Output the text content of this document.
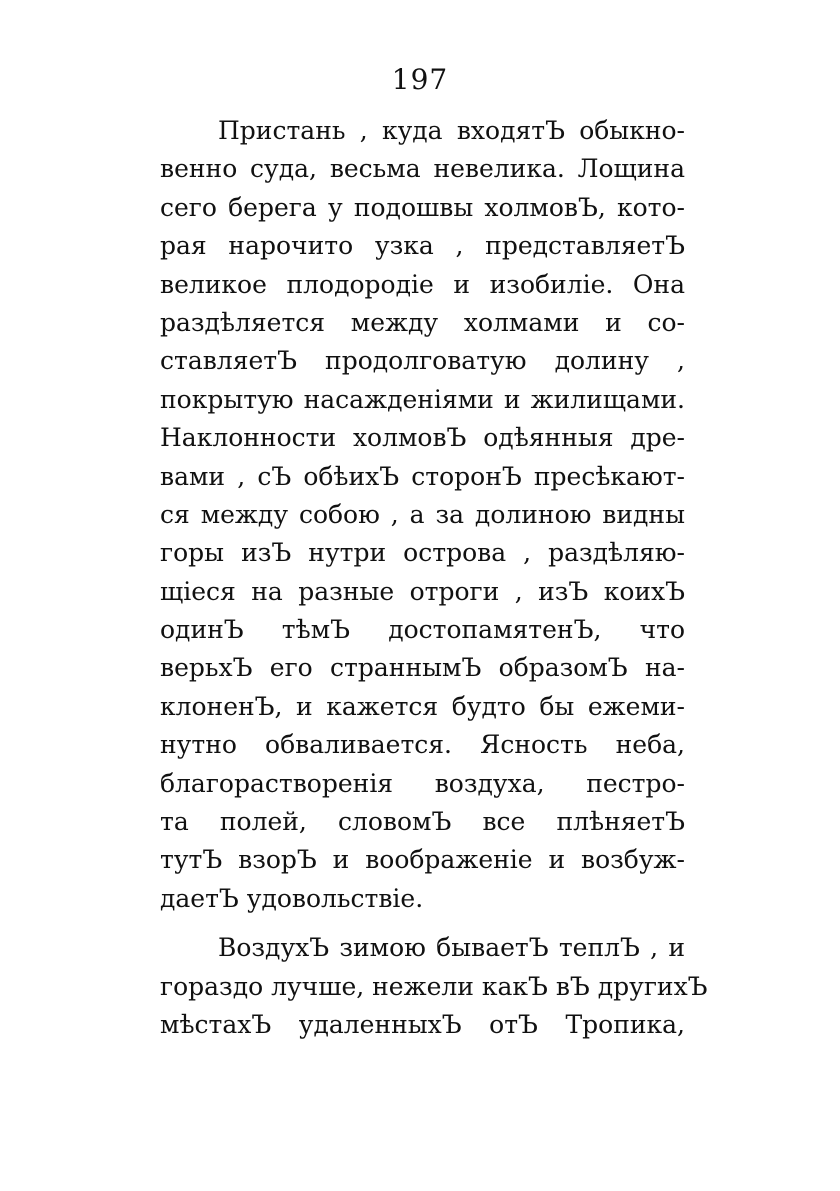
197
Пристань , куда входятЪ обыкно-
венно суда, весьма невелика. Лощина
сего берега у подошвы холмовЪ, кото-
рая нарочито узка , представляетЪ
великое плодородіе и изобиліе. Она
раздѣляется между холмами и со-
ставляетЪ продолговатую долину ,
покрытую насажденіями и жилищами.
Наклонности холмовЪ одѣянныя дре-
вами , сЪ обѣихЪ сторонЪ пресѣкают-
ся между собою , а за долиною видны
горы изЪ нутри острова , раздѣляю-
щіеся на разные отроги , изЪ коихЪ
одинЪ тѣмЪ достопамятенЪ, что
верьхЪ его страннымЪ образомЪ на-
клоненЪ, и кажется будто бы ежеми-
нутно обваливается. Ясность неба,
благорастворенія воздуха, пестро-
та полей, словомЪ все плѣняетЪ
тутЪ взорЪ и воображеніе и возбуж-
даетЪ удовольствіе.
ВоздухЪ зимою бываетЪ теплЪ , и
гораздо лучше, нежели какЪ вЪ другихЪ
мѣстахЪ удаленныхЪ отЪ Тропика,
